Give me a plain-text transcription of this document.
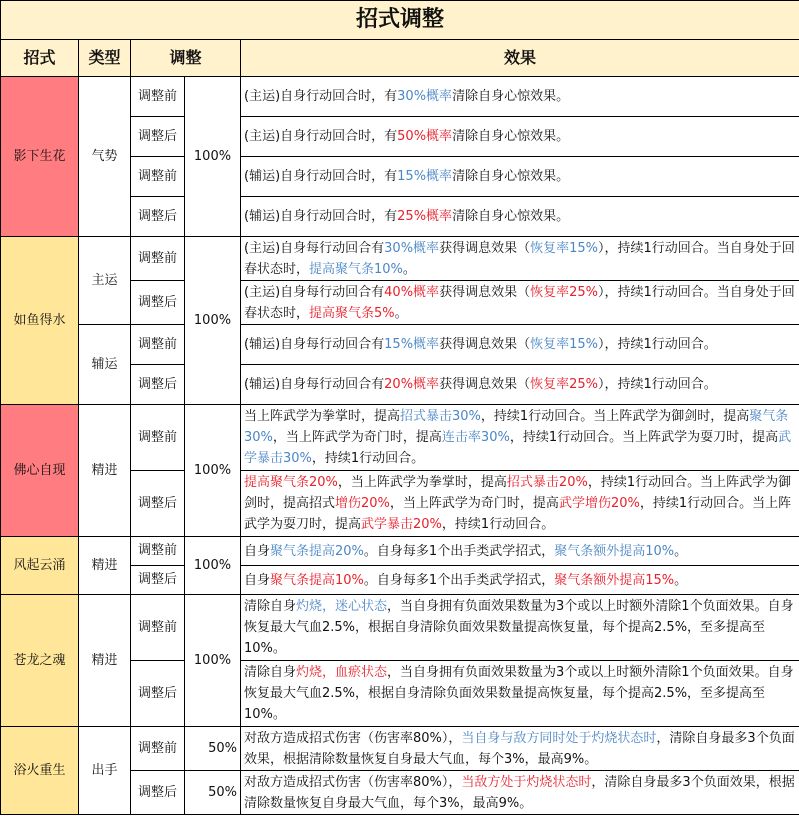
招式调整				
招式	类型	调整		效果
影下生花	气势	调整前	100%	(主运)自身行动回合时，有30%概率清除自身心惊效果。
		调整后		(主运)自身行动回合时，有50%概率清除自身心惊效果。
		调整前		(辅运)自身行动回合时，有15%概率清除自身心惊效果。
		调整后		(辅运)自身行动回合时，有25%概率清除自身心惊效果。
如鱼得水	主运	调整前	100%	(主运)自身每行动回合有30%概率获得调息效果（恢复率15%），持续1行动回合。当自身处于回春状态时，提高聚气条10%。
		调整后		(主运)自身每行动回合有40%概率获得调息效果（恢复率25%），持续1行动回合。当自身处于回春状态时，提高聚气条5%。
	辅运	调整前		(辅运)自身每行动回合有15%概率获得调息效果（恢复率15%），持续1行动回合。
		调整后		(辅运)自身每行动回合有20%概率获得调息效果（恢复率25%），持续1行动回合。
佛心自现	精进	调整前	100%	当上阵武学为拳掌时，提高招式暴击30%，持续1行动回合。当上阵武学为御剑时，提高聚气条30%，当上阵武学为奇门时，提高连击率30%，持续1行动回合。当上阵武学为耍刀时，提高武学暴击30%，持续1行动回合。
		调整后		提高聚气条20%，当上阵武学为拳掌时，提高招式暴击20%，持续1行动回合。当上阵武学为御剑时，提高招式增伤20%，当上阵武学为奇门时，提高武学增伤20%，持续1行动回合。当上阵武学为耍刀时，提高武学暴击20%，持续1行动回合。
风起云涌	精进	调整前	100%	自身聚气条提高20%。自身每多1个出手类武学招式，聚气条额外提高10%。
		调整后		自身聚气条提高10%。自身每多1个出手类武学招式，聚气条额外提高15%。
苍龙之魂	精进	调整前	100%	清除自身灼烧，迷心状态，当自身拥有负面效果数量为3个或以上时额外清除1个负面效果。自身恢复最大气血2.5%，根据自身清除负面效果数量提高恢复量，每个提高2.5%，至多提高至10%。
		调整后		清除自身灼烧，血瘀状态，当自身拥有负面效果数量为3个或以上时额外清除1个负面效果。自身恢复最大气血2.5%，根据自身清除负面效果数量提高恢复量，每个提高2.5%，至多提高至10%。
浴火重生	出手	调整前	50%	对敌方造成招式伤害（伤害率80%），当自身与敌方同时处于灼烧状态时，清除自身最多3个负面效果，根据清除数量恢复自身最大气血，每个3%，最高9%。
		调整后	50%	对敌方造成招式伤害（伤害率80%），当敌方处于灼烧状态时，清除自身最多3个负面效果，根据清除数量恢复自身最大气血，每个3%，最高9%。
